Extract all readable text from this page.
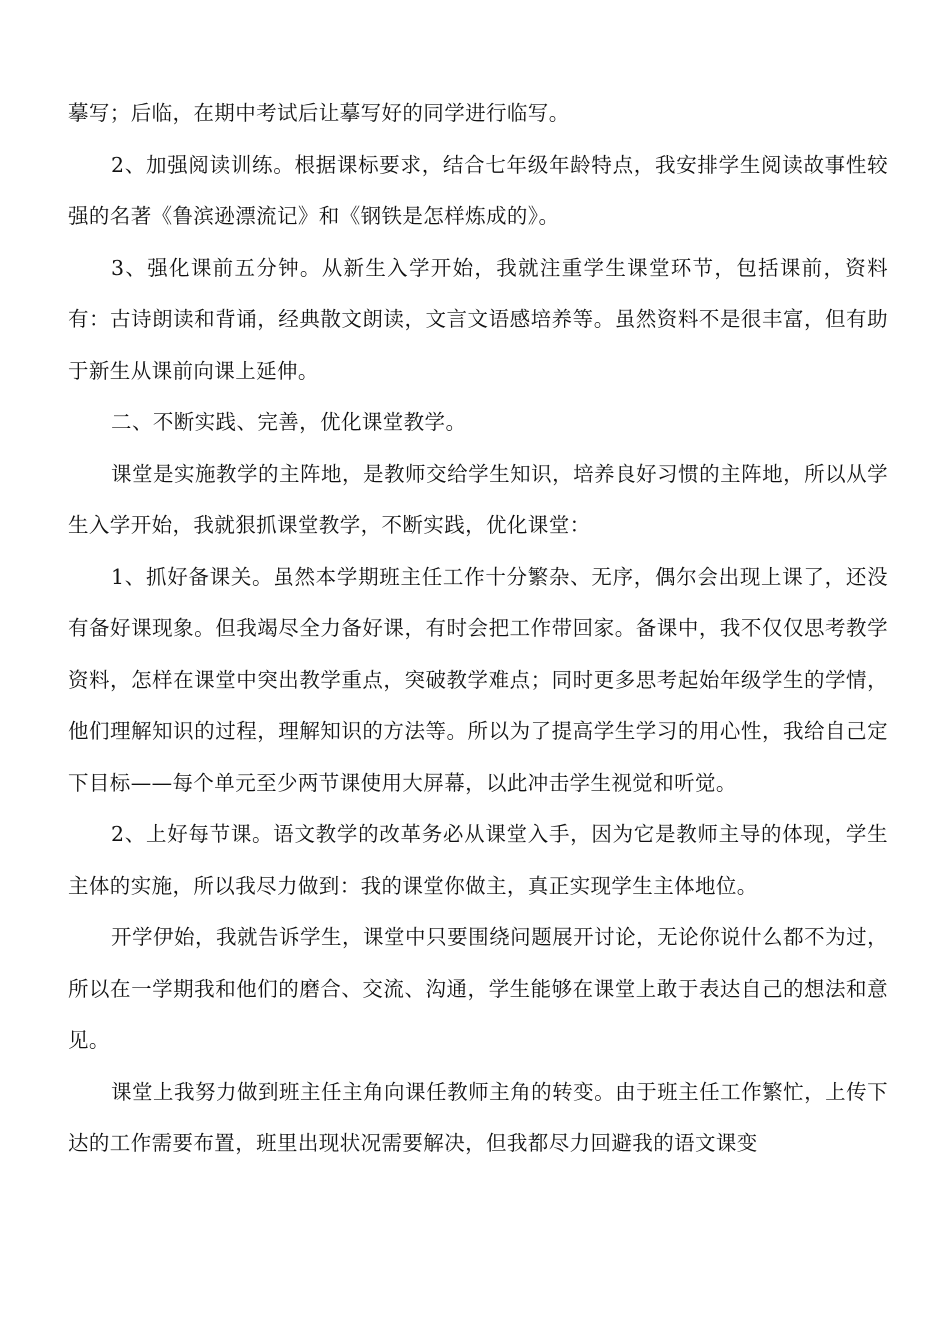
摹写；后临，在期中考试后让摹写好的同学进行临写。

2、加强阅读训练。根据课标要求，结合七年级年龄特点，我安排学生阅读故事性较强的名著《鲁滨逊漂流记》和《钢铁是怎样炼成的》。

3、强化课前五分钟。从新生入学开始，我就注重学生课堂环节，包括课前，资料有：古诗朗读和背诵，经典散文朗读，文言文语感培养等。虽然资料不是很丰富，但有助于新生从课前向课上延伸。

二、不断实践、完善，优化课堂教学。

课堂是实施教学的主阵地，是教师交给学生知识，培养良好习惯的主阵地，所以从学生入学开始，我就狠抓课堂教学，不断实践，优化课堂：

1、抓好备课关。虽然本学期班主任工作十分繁杂、无序，偶尔会出现上课了，还没有备好课现象。但我竭尽全力备好课，有时会把工作带回家。备课中，我不仅仅思考教学资料，怎样在课堂中突出教学重点，突破教学难点；同时更多思考起始年级学生的学情，他们理解知识的过程，理解知识的方法等。所以为了提高学生学习的用心性，我给自己定下目标——每个单元至少两节课使用大屏幕，以此冲击学生视觉和听觉。

2、上好每节课。语文教学的改革务必从课堂入手，因为它是教师主导的体现，学生主体的实施，所以我尽力做到：我的课堂你做主，真正实现学生主体地位。

开学伊始，我就告诉学生，课堂中只要围绕问题展开讨论，无论你说什么都不为过，所以在一学期我和他们的磨合、交流、沟通，学生能够在课堂上敢于表达自己的想法和意见。

课堂上我努力做到班主任主角向课任教师主角的转变。由于班主任工作繁忙，上传下达的工作需要布置，班里出现状况需要解决，但我都尽力回避我的语文课变
